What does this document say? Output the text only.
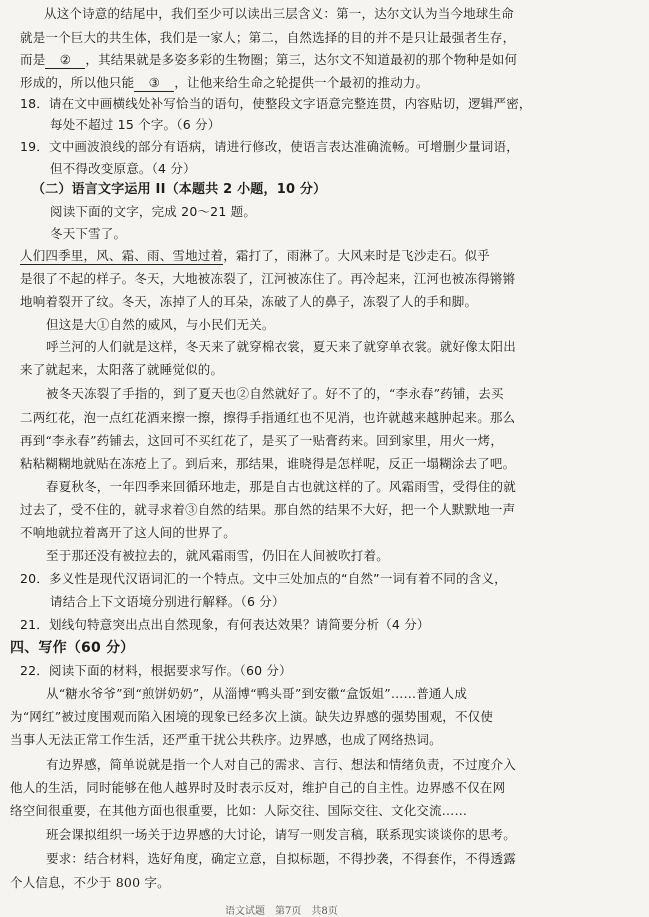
从这个诗意的结尾中，我们至少可以读出三层含义：第一，达尔文认为当今地球生命
就是一个巨大的共生体，我们是一家人；第二，自然选择的目的并不是只让最强者生存，
而是 ② ，其结果就是多姿多彩的生物圈；第三，达尔文不知道最初的那个物种是如何
形成的，所以他只能 ③ ，让他来给生命之轮提供一个最初的推动力。
18．请在文中画横线处补写恰当的语句，使整段文字语意完整连贯，内容贴切，逻辑严密，
每处不超过 15 个字。（6 分）
19．文中画波浪线的部分有语病，请进行修改，使语言表达准确流畅。可增删少量词语，
但不得改变原意。（4 分）
（二）语言文字运用 II（本题共 2 小题，10 分）
阅读下面的文字，完成 20～21 题。
冬天下雪了。
人们四季里，风、霜、雨、雪地过着，霜打了，雨淋了。大风来时是飞沙走石。似乎
是很了不起的样子。冬天，大地被冻裂了，江河被冻住了。再冷起来，江河也被冻得锵锵
地响着裂开了纹。冬天，冻掉了人的耳朵，冻破了人的鼻子，冻裂了人的手和脚。
但这是大①自然的威风，与小民们无关。
呼兰河的人们就是这样，冬天来了就穿棉衣裳，夏天来了就穿单衣裳。就好像太阳出
来了就起来，太阳落了就睡觉似的。
被冬天冻裂了手指的，到了夏天也②自然就好了。好不了的，“李永春”药铺，去买
二两红花，泡一点红花酒来擦一擦，擦得手指通红也不见消，也许就越来越肿起来。那么
再到“李永春”药铺去，这回可不买红花了，是买了一贴膏药来。回到家里，用火一烤，
粘粘糊糊地就贴在冻疮上了。到后来，那结果，谁晓得是怎样呢，反正一塌糊涂去了吧。
春夏秋冬，一年四季来回循环地走，那是自古也就这样的了。风霜雨雪，受得住的就
过去了，受不住的，就寻求着③自然的结果。那自然的结果不大好，把一个人默默地一声
不响地就拉着离开了这人间的世界了。
至于那还没有被拉去的，就风霜雨雪，仍旧在人间被吹打着。
20．多义性是现代汉语词汇的一个特点。文中三处加点的“自然”一词有着不同的含义，
请结合上下文语境分别进行解释。（6 分）
21．划线句特意突出点出自然现象，有何表达效果？请简要分析（4 分）
四、写作（60 分）
22．阅读下面的材料，根据要求写作。（60 分）
从“糖水爷爷”到“煎饼奶奶”，从淄博“鸭头哥”到安徽“盒饭姐”……普通人成
为“网红”被过度围观而陷入困境的现象已经多次上演。缺失边界感的强势围观，不仅使
当事人无法正常工作生活，还严重干扰公共秩序。边界感，也成了网络热词。
有边界感，简单说就是指一个人对自己的需求、言行、想法和情绪负责，不过度介入
他人的生活，同时能够在他人越界时及时表示反对，维护自己的自主性。边界感不仅在网
络空间很重要，在其他方面也很重要，比如：人际交往、国际交往、文化交流……
班会课拟组织一场关于边界感的大讨论，请写一则发言稿，联系现实谈谈你的思考。
要求：结合材料，选好角度，确定立意，自拟标题，不得抄袭，不得套作，不得透露
个人信息，不少于 800 字。
语文试题　第7页　共8页
